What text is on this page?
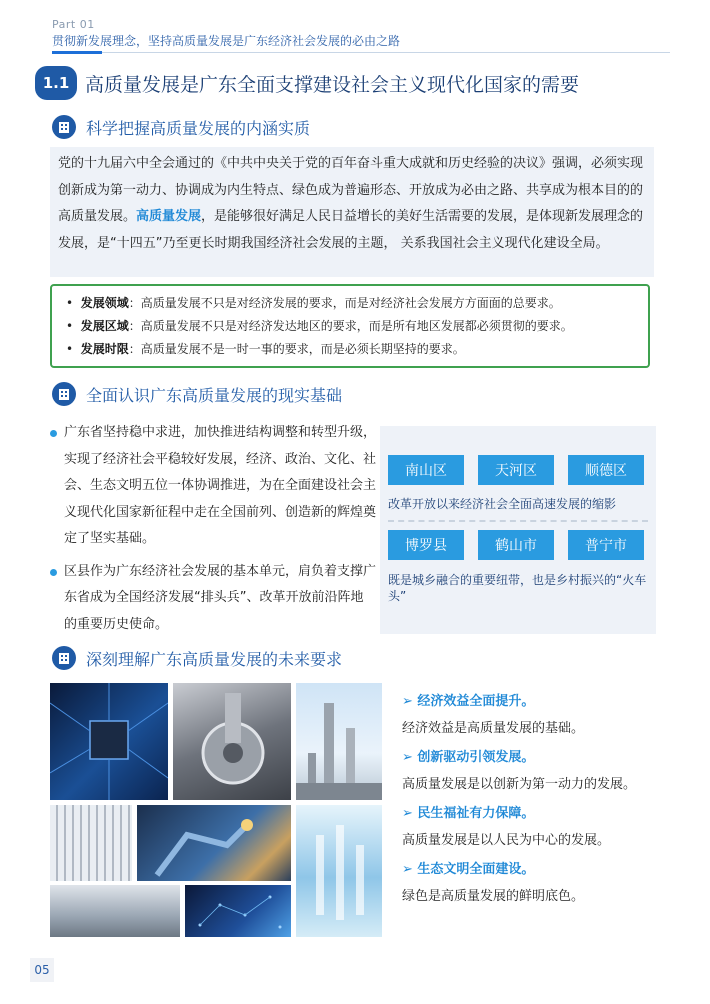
Part 01
贯彻新发展理念，坚持高质量发展是广东经济社会发展的必由之路
1.1 高质量发展是广东全面支撑建设社会主义现代化国家的需要
科学把握高质量发展的内涵实质

党的十九届六中全会通过的《中共中央关于党的百年奋斗重大成就和历史经验的决议》强调，必须实现创新成为第一动力、协调成为内生特点、绿色成为普遍形态、开放成为必由之路、共享成为根本目的的高质量发展。高质量发展，是能够很好满足人民日益增长的美好生活需要的发展，是体现新发展理念的发展，是“十四五”乃至更长时期我国经济社会发展的主题， 关系我国社会主义现代化建设全局。

•  发展领域：高质量发展不只是对经济发展的要求，而是对经济社会发展方方面面的总要求。
•  发展区域：高质量发展不只是对经济发达地区的要求，而是所有地区发展都必须贯彻的要求。
•  发展时限：高质量发展不是一时一事的要求，而是必须长期坚持的要求。
全面认识广东高质量发展的现实基础
广东省坚持稳中求进，加快推进结构调整和转型升级，实现了经济社会平稳较好发展，经济、政治、文化、社会、生态文明五位一体协调推进，为在全面建设社会主义现代化国家新征程中走在全国前列、创造新的辉煌奠定了坚实基础。
区县作为广东经济社会发展的基本单元，肩负着支撑广东省成为全国经济发展“排头兵”、改革开放前沿阵地的重要历史使命。
南山区	天河区	顺德区
改革开放以来经济社会全面高速发展的缩影
博罗县	鹤山市	普宁市
既是城乡融合的重要纽带，也是乡村振兴的“火车头”
深刻理解广东高质量发展的未来要求
➢ 经济效益全面提升。
经济效益是高质量发展的基础。
➢ 创新驱动引领发展。
高质量发展是以创新为第一动力的发展。
➢ 民生福祉有力保障。
高质量发展是以人民为中心的发展。
➢ 生态文明全面建设。
绿色是高质量发展的鲜明底色。
05
